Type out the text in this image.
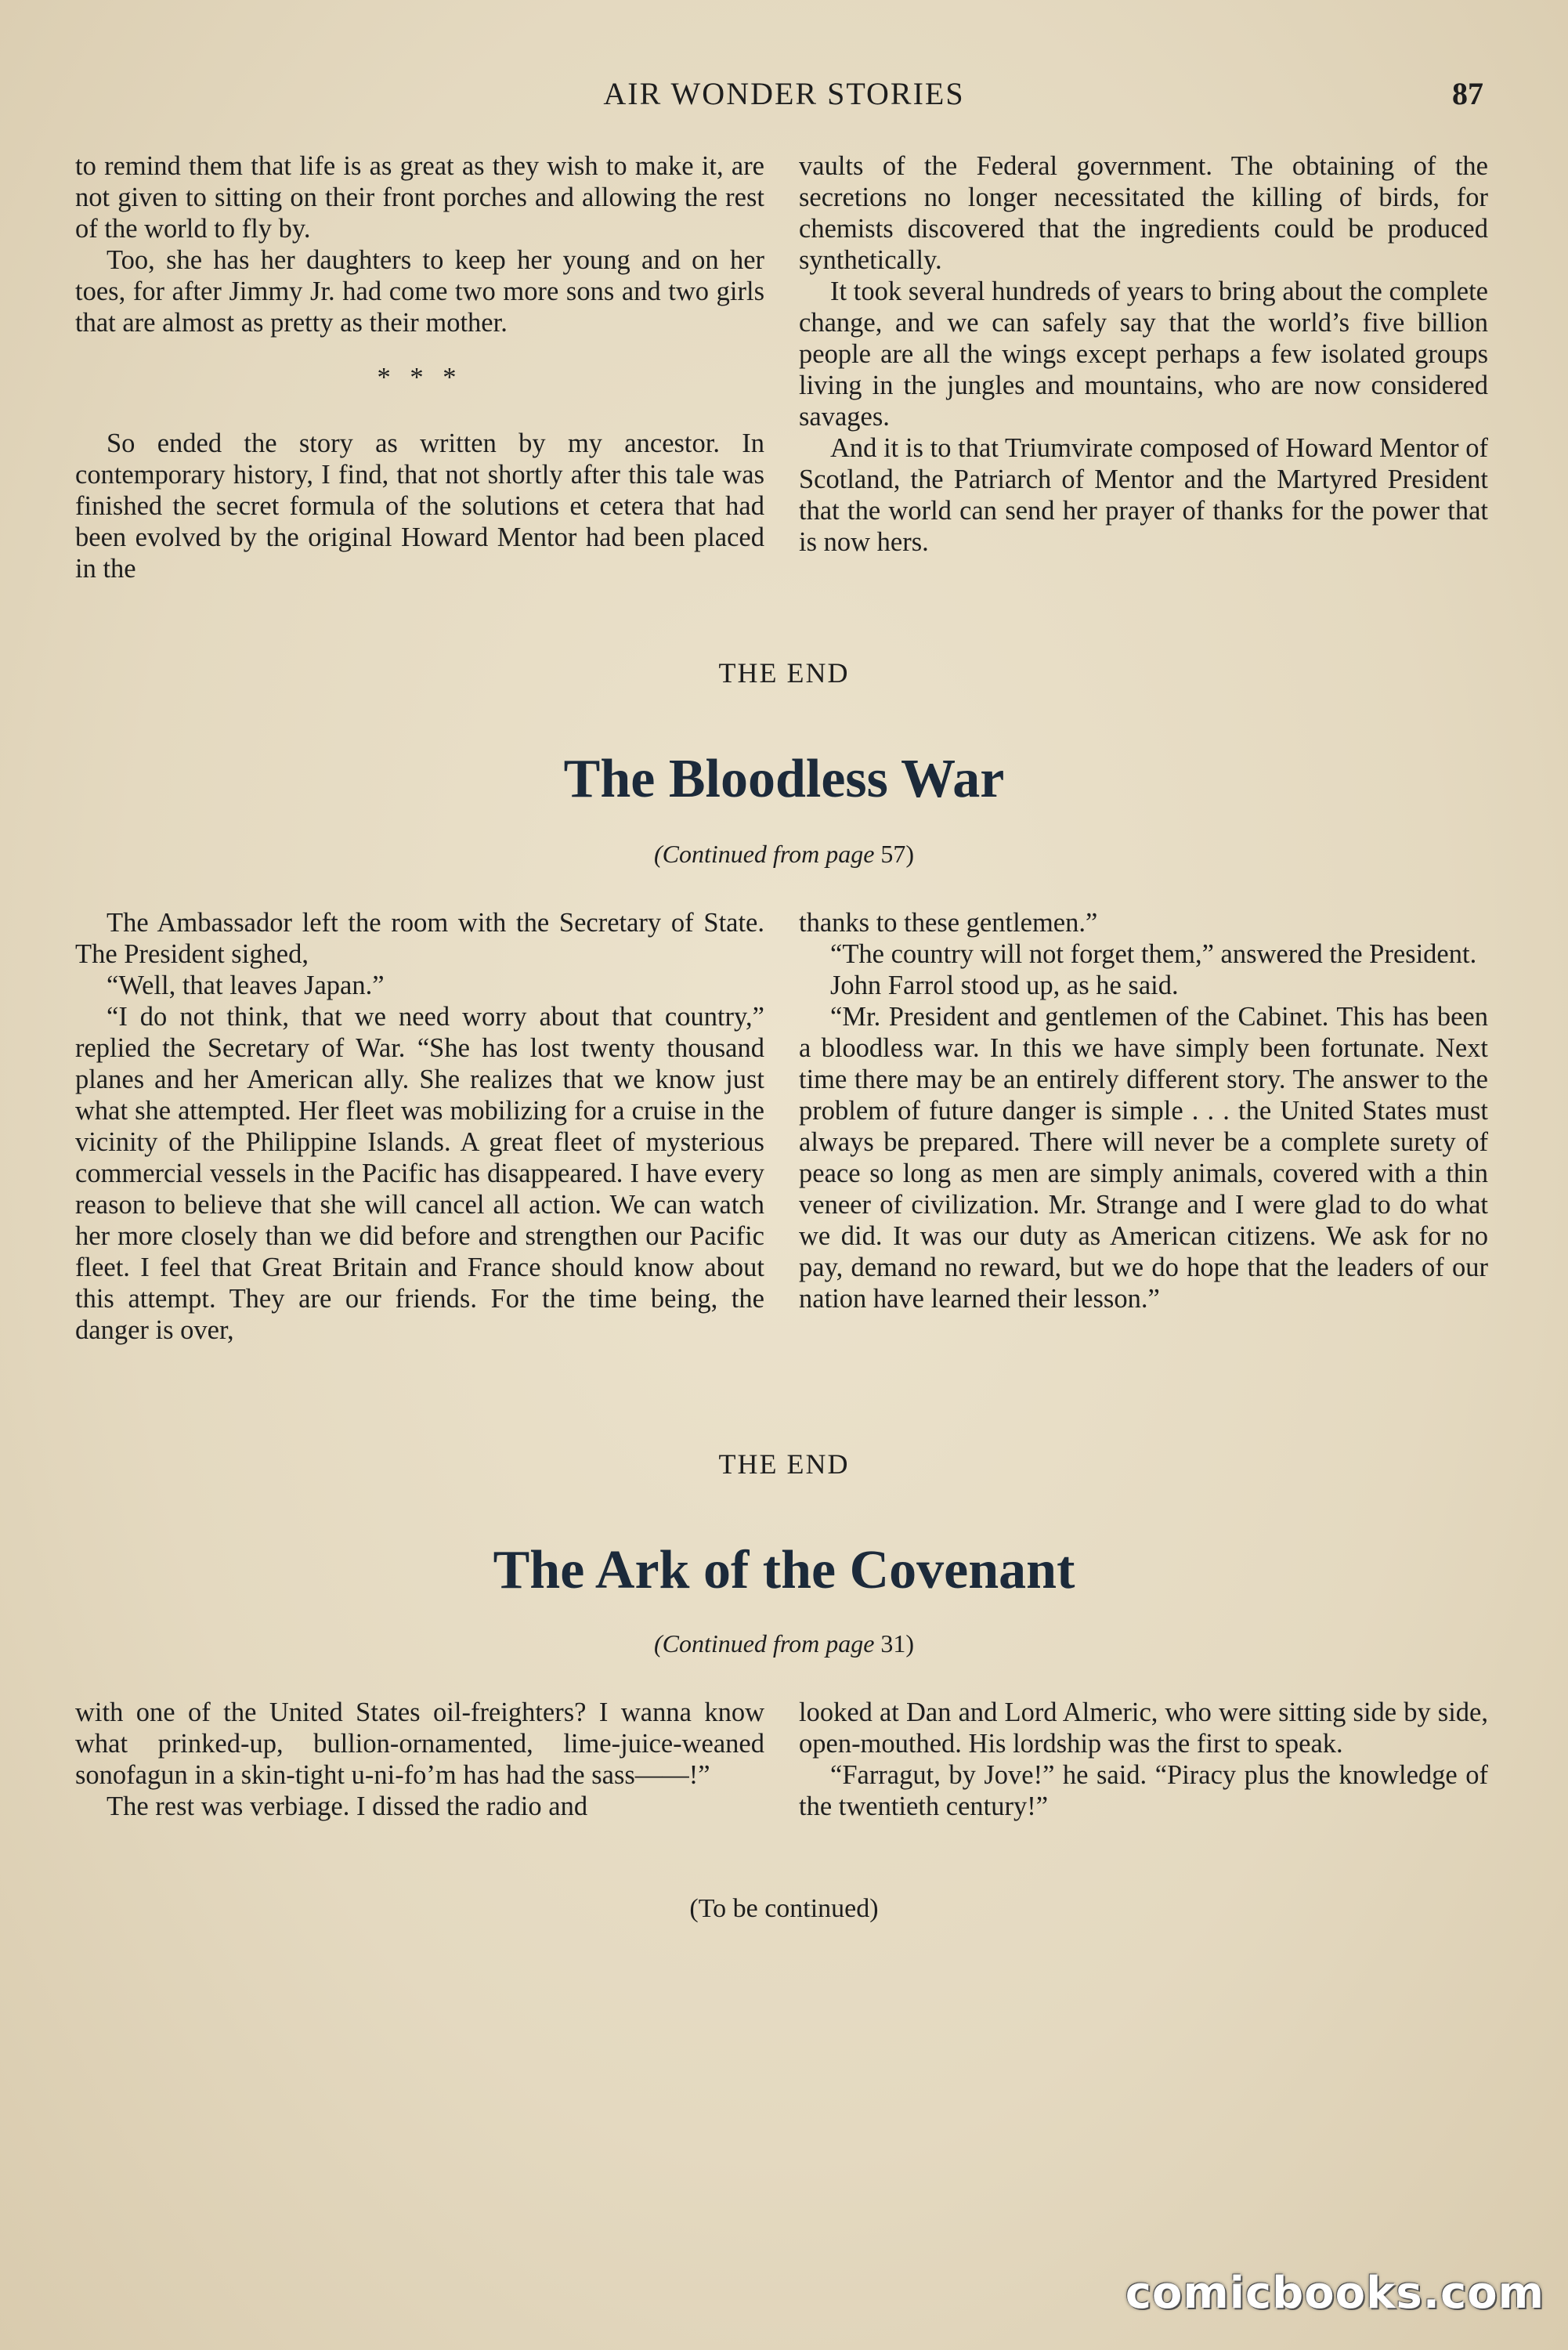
AIR WONDER STORIES	87

to remind them that life is as great as they wish to make it, are not given to sitting on their front porches and allowing the rest of the world to fly by.

Too, she has her daughters to keep her young and on her toes, for after Jimmy Jr. had come two more sons and two girls that are almost as pretty as their mother.

* * *

So ended the story as written by my ancestor. In contemporary history, I find, that not shortly after this tale was finished the secret formula of the solutions et cetera that had been evolved by the original Howard Mentor had been placed in the

vaults of the Federal government. The obtaining of the secretions no longer necessitated the killing of birds, for chemists discovered that the ingredients could be produced synthetically.

It took several hundreds of years to bring about the complete change, and we can safely say that the world’s five billion people are all the wings except perhaps a few isolated groups living in the jungles and mountains, who are now considered savages.

And it is to that Triumvirate composed of Howard Mentor of Scotland, the Patriarch of Mentor and the Martyred President that the world can send her prayer of thanks for the power that is now hers.

THE END
The Bloodless War
(Continued from page 57)

The Ambassador left the room with the Secretary of State. The President sighed,

“Well, that leaves Japan.”

“I do not think, that we need worry about that country,” replied the Secretary of War. “She has lost twenty thousand planes and her American ally. She realizes that we know just what she attempted. Her fleet was mobilizing for a cruise in the vicinity of the Philippine Islands. A great fleet of mysterious commercial vessels in the Pacific has disappeared. I have every reason to believe that she will cancel all action. We can watch her more closely than we did before and strengthen our Pacific fleet. I feel that Great Britain and France should know about this attempt. They are our friends. For the time being, the danger is over,

thanks to these gentlemen.”

“The country will not forget them,” answered the President.

John Farrol stood up, as he said.

“Mr. President and gentlemen of the Cabinet. This has been a bloodless war. In this we have simply been fortunate. Next time there may be an entirely different story. The answer to the problem of future danger is simple . . . the United States must always be prepared. There will never be a complete surety of peace so long as men are simply animals, covered with a thin veneer of civilization. Mr. Strange and I were glad to do what we did. It was our duty as American citizens. We ask for no pay, demand no reward, but we do hope that the leaders of our nation have learned their lesson.”

THE END
The Ark of the Covenant
(Continued from page 31)

with one of the United States oil-freighters? I wanna know what prinked-up, bullion-ornamented, lime-juice-weaned sonofagun in a skin-tight u-ni-fo’m has had the sass——!”

The rest was verbiage. I dissed the radio and

looked at Dan and Lord Almeric, who were sitting side by side, open-mouthed. His lordship was the first to speak.

“Farragut, by Jove!” he said. “Piracy plus the knowledge of the twentieth century!”

(To be continued)
comicbooks.com
